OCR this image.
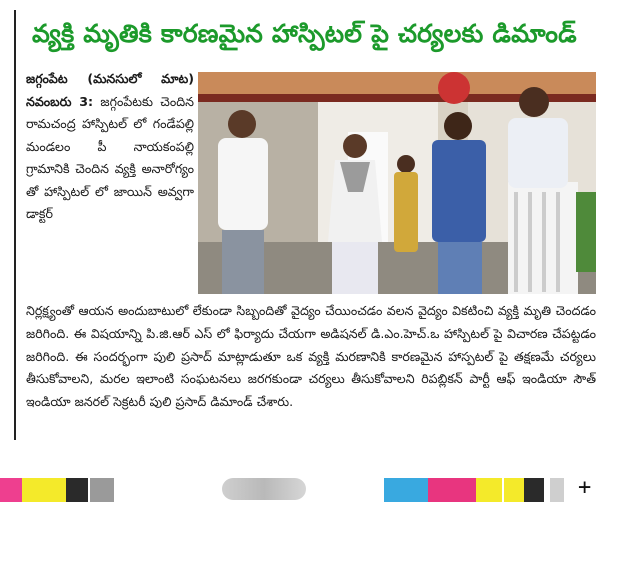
వ్యక్తి మృతికి కారణమైన హాస్పిటల్ పై చర్యలకు డిమాండ్
జగ్గంపేట (మనసులో మాట) నవంబరు 3: జగ్గంపేటకు చెందిన రామచంద్ర హాస్పిటల్ లో గండేపల్లి మండలం పీ నాయకంపల్లి గ్రామానికి చెందిన వ్యక్తి అనారోగ్యం తో హాస్పిటల్ లో జాయిన్ అవ్వగా డాక్టర్
నిర్లక్ష్యంతో ఆయన అందుబాటులో లేకుండా సిబ్బందితో వైద్యం చేయించడం వలన వైద్యం వికటించి వ్యక్తి మృతి చెందడం జరిగింది. ఈ విషయాన్ని పి.జి.ఆర్ ఎస్ లో ఫిర్యాదు చేయగా అడిషనల్ డి.ఎం.హెచ్.ఒ హాస్పిటల్ పై విచారణ చేపట్టడం జరిగింది. ఈ సందర్భంగా పులి ప్రసాద్ మాట్లాడుతూ ఒక వ్యక్తి మరణానికి కారణమైన హాస్పటల్ పై తక్షణమే చర్యలు తీసుకోవాలని, మరల ఇలాంటి సంఘటనలు జరగకుండా చర్యలు తీసుకోవాలని రిపబ్లికన్ పార్టీ ఆఫ్ ఇండియా సౌత్ ఇండియా జనరల్ సెక్రటరీ పులి ప్రసాద్ డిమాండ్ చేశారు.
+
